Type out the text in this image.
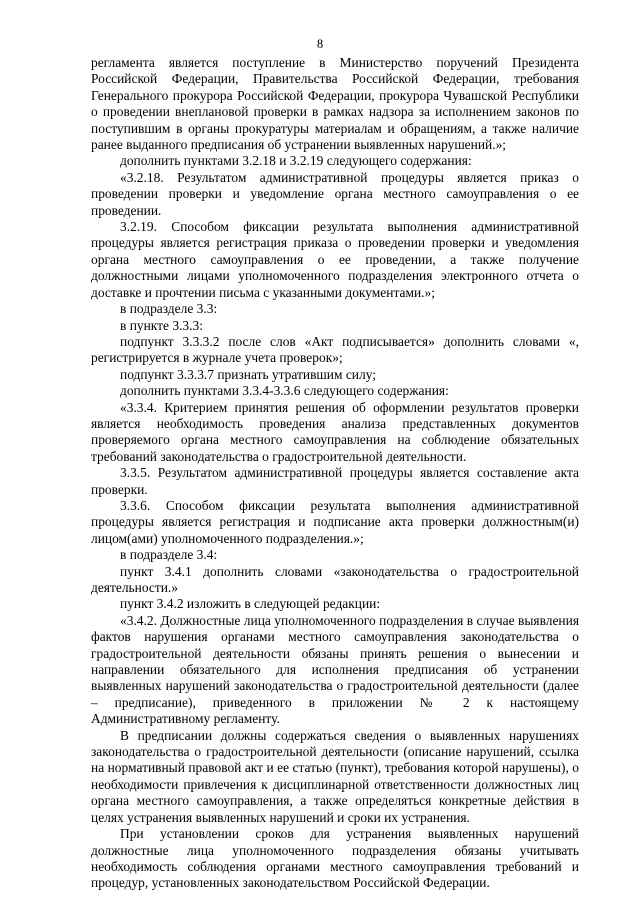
8

регламента является поступление в Министерство поручений Президента Российской Федерации, Правительства Российской Федерации, требования Генерального прокурора Российской Федерации, прокурора Чувашской Республики о проведении внеплановой проверки в рамках надзора за исполнением законов по поступившим в органы прокуратуры материалам и обращениям, а также наличие ранее выданного предписания об устранении выявленных нарушений.»;

дополнить пунктами 3.2.18 и 3.2.19 следующего содержания:

«3.2.18. Результатом административной процедуры является приказ о проведении проверки и уведомление органа местного самоуправления о ее проведении.

3.2.19. Способом фиксации результата выполнения административной процедуры является регистрация приказа о проведении проверки и уведомления органа местного самоуправления о ее проведении, а также получение должностными лицами уполномоченного подразделения электронного отчета о доставке и прочтении письма с указанными документами.»;

в подразделе 3.3:

в пункте 3.3.3:

подпункт 3.3.3.2 после слов «Акт подписывается» дополнить словами «, регистрируется в журнале учета проверок»;

подпункт 3.3.3.7 признать утратившим силу;

дополнить пунктами 3.3.4-3.3.6 следующего содержания:

«3.3.4. Критерием принятия решения об оформлении результатов проверки является необходимость проведения анализа представленных документов проверяемого органа местного самоуправления на соблюдение обязательных требований законодательства о градостроительной деятельности.

3.3.5. Результатом административной процедуры является составление акта проверки.

3.3.6. Способом фиксации результата выполнения административной процедуры является регистрация и подписание акта проверки должностным(и) лицом(ами) уполномоченного подразделения.»;

в подразделе 3.4:

пункт 3.4.1 дополнить словами «законодательства о градостроительной деятельности.»

пункт 3.4.2 изложить в следующей редакции:

«3.4.2. Должностные лица уполномоченного подразделения в случае выявления фактов нарушения органами местного самоуправления законодательства о градостроительной деятельности обязаны принять решения о вынесении и направлении обязательного для исполнения предписания об устранении выявленных нарушений законодательства о градостроительной деятельности (далее – предписание), приведенного в приложении № 2 к настоящему Административному регламенту.

В предписании должны содержаться сведения о выявленных нарушениях законодательства о градостроительной деятельности (описание нарушений, ссылка на нормативный правовой акт и ее статью (пункт), требования которой нарушены), о необходимости привлечения к дисциплинарной ответственности должностных лиц органа местного самоуправления, а также определяться конкретные действия в целях устранения выявленных нарушений и сроки их устранения.

При установлении сроков для устранения выявленных нарушений должностные лица уполномоченного подразделения обязаны учитывать необходимость соблюдения органами местного самоуправления требований и процедур, установленных законодательством Российской Федерации.
